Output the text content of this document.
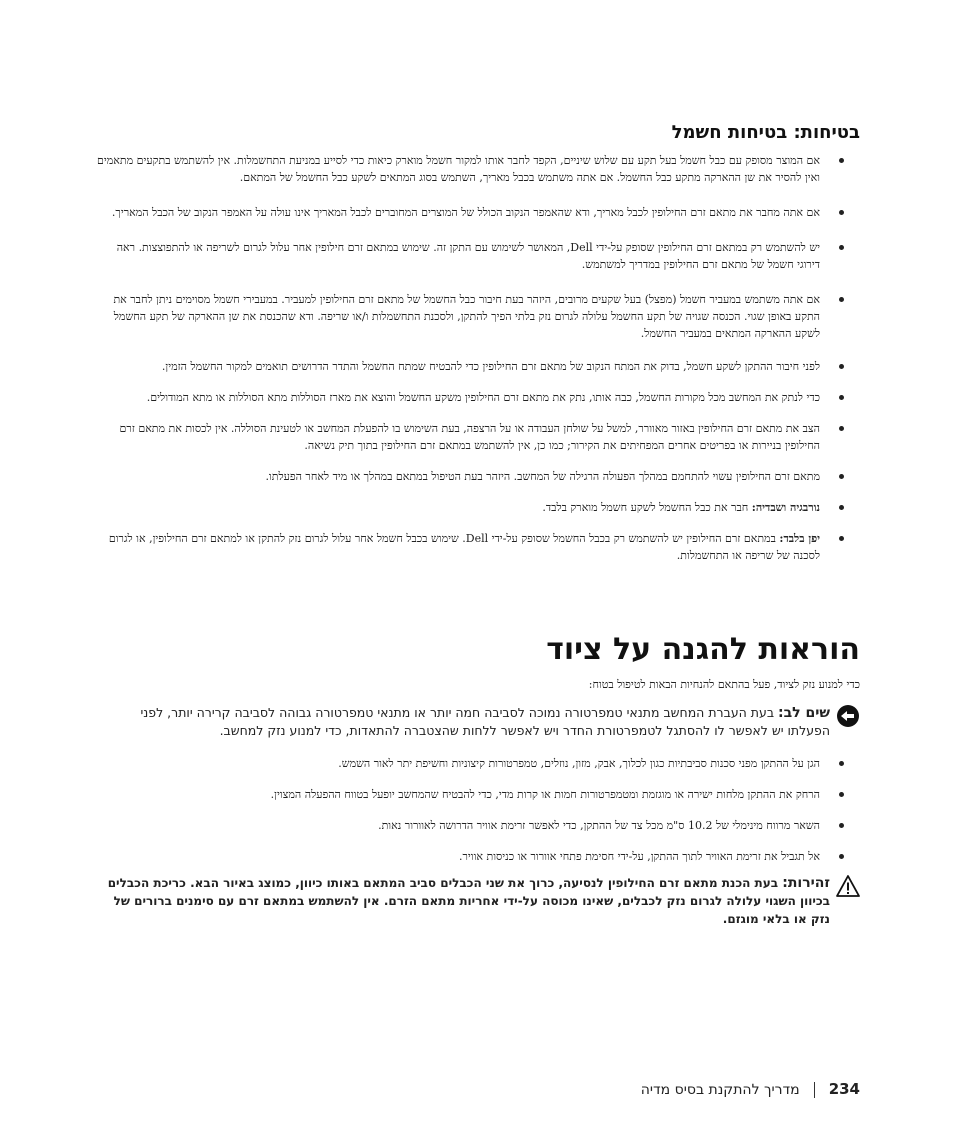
בטיחות: בטיחות חשמל
אם המוצר מסופק עם כבל חשמל בעל תקע עם שלוש שיניים, הקפד לחבר אותו למקור חשמל מוארק כיאות כדי לסייע במניעת התחשמלות. אין להשתמש בתקעים מתאמים ואין להסיר את שן ההארקה מתקע כבל החשמל. אם אתה משתמש בכבל מאריך, השתמש בסוג המתאים לשקע כבל החשמל של המתאם.
אם אתה מחבר את מתאם זרם החילופין לכבל מאריך, ודא שהאמפר הנקוב הכולל של המוצרים המחוברים לכבל המאריך אינו עולה על האמפר הנקוב של הכבל המאריך.
יש להשתמש רק במתאם זרם החילופין שסופק על-ידי Dell, המאושר לשימוש עם התקן זה. שימוש במתאם זרם חילופין אחר עלול לגרום לשריפה או להתפוצצות. ראה דירוגי חשמל של מתאם זרם החילופין במדריך למשתמש.
אם אתה משתמש במעביר חשמל (מפצל) בעל שקעים מרובים, היזהר בעת חיבור כבל החשמל של מתאם זרם החילופין למעביר. במעבירי חשמל מסוימים ניתן לחבר את התקע באופן שגוי. הכנסה שגויה של תקע החשמל עלולה לגרום נזק בלתי הפיך להתקן, ולסכנת התחשמלות ו/או שריפה. ודא שהכנסת את שן ההארקה של תקע החשמל לשקע ההארקה המתאים במעביר החשמל.
לפני חיבור ההתקן לשקע חשמל, בדוק את המתח הנקוב של מתאם זרם החילופין כדי להבטיח שמתח החשמל והתדר הדרושים תואמים למקור החשמל הזמין.
כדי לנתק את המחשב מכל מקורות החשמל, כבה אותו, נתק את מתאם זרם החילופין משקע החשמל והוצא את מארז הסוללות מתא הסוללות או מתא המודולים.
הצב את מתאם זרם החילופין באזור מאוורר, למשל על שולחן העבודה או על הרצפה, בעת השימוש בו להפעלת המחשב או לטעינת הסוללה. אין לכסות את מתאם זרם החילופין בניירות או בפריטים אחרים המפחיתים את הקירור; כמו כן, אין להשתמש במתאם זרם החילופין בתוך תיק נשיאה.
מתאם זרם החילופין עשוי להתחמם במהלך הפעולה הרגילה של המחשב. היזהר בעת הטיפול במתאם במהלך או מיד לאחר הפעלתו.
נורבגיה ושבדיה: חבר את כבל החשמל לשקע חשמל מוארק בלבד.
יפן בלבד: במתאם זרם החילופין יש להשתמש רק בכבל החשמל שסופק על-ידי Dell. שימוש בכבל חשמל אחר עלול לגרום נזק להתקן או למתאם זרם החילופין, או לגרום לסכנה של שריפה או התחשמלות.
הוראות להגנה על ציוד
כדי למנוע נזק לציוד, פעל בהתאם להנחיות הבאות לטיפול בטוח:
שים לב: בעת העברת המחשב מתנאי טמפרטורה נמוכה לסביבה חמה יותר או מתנאי טמפרטורה גבוהה לסביבה קרירה יותר, לפני הפעלתו יש לאפשר לו להסתגל לטמפרטורת החדר ויש לאפשר ללחות שהצטברה להתאדות, כדי למנוע נזק למחשב.
הגן על ההתקן מפני סכנות סביבתיות כגון לכלוך, אבק, מזון, נוזלים, טמפרטורות קיצוניות וחשיפת יתר לאור השמש.
הרחק את ההתקן מלחות ישירה או מוגזמת ומטמפרטורות חמות או קרות מדי, כדי להבטיח שהמחשב יופעל בטווח ההפעלה המצוין.
השאר מרווח מינימלי של 10.2 ס"מ מכל צד של ההתקן, כדי לאפשר זרימת אוויר הדרושה לאוורור נאות.
אל תגביל את זרימת האוויר לתוך ההתקן, על-ידי חסימת פתחי אוורור או כניסות אוויר.
זהירות: בעת הכנת מתאם זרם החילופין לנסיעה, כרוך את שני הכבלים סביב המתאם באותו כיוון, כמוצג באיור הבא. כריכת הכבלים בכיוון השגוי עלולה לגרום נזק לכבלים, שאינו מכוסה על-ידי אחריות מתאם הזרם. אין להשתמש במתאם זרם עם סימנים ברורים של נזק או בלאי מוגזם.
234מדריך להתקנת בסיס מדיה
